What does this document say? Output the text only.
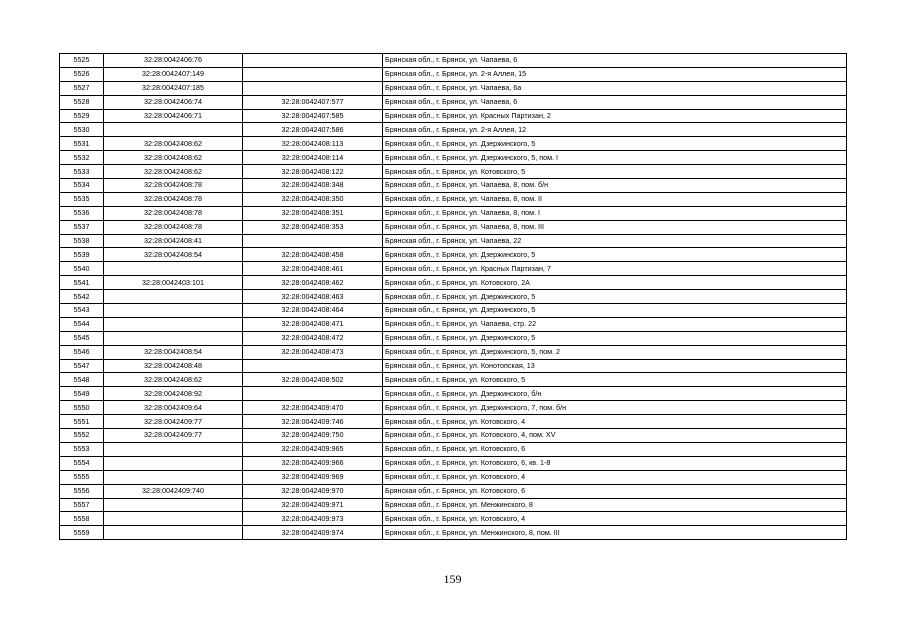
5525	32:28:0042406:76		Брянская обл., г. Брянск, ул. Чапаева, 6
5526	32:28:0042407:149		Брянская обл., г. Брянск, ул. 2-я Аллея, 15
5527	32:28:0042407:185		Брянская обл., г. Брянск, ул. Чапаева, 6а
5528	32:28:0042406:74	32:28:0042407:577	Брянская обл., г. Брянск, ул. Чапаева, 6
5529	32:28:0042406:71	32:28:0042407:585	Брянская обл., г. Брянск, ул. Красных Партизан, 2
5530		32:28:0042407:586	Брянская обл., г. Брянск, ул. 2-я Аллея, 12
5531	32:28:0042408:62	32:28:0042408:113	Брянская обл., г. Брянск, ул. Дзержинского, 5
5532	32:28:0042408:62	32:28:0042408:114	Брянская обл., г. Брянск, ул. Дзержинского, 5, пом. I
5533	32:28:0042408:62	32:28:0042408:122	Брянская обл., г. Брянск, ул. Котовского, 5
5534	32:28:0042408:78	32:28:0042408:348	Брянская обл., г. Брянск, ул. Чапаева, 8, пом. б/н
5535	32:28:0042408:78	32:28:0042408:350	Брянская обл., г. Брянск, ул. Чапаева, 8, пом. II
5536	32:28:0042408:78	32:28:0042408:351	Брянская обл., г. Брянск, ул. Чапаева, 8, пом. I
5537	32:28:0042408:78	32:28:0042408:353	Брянская обл., г. Брянск, ул. Чапаева, 8, пом. III
5538	32:28:0042408:41		Брянская обл., г. Брянск, ул. Чапаева, 22
5539	32:28:0042408:54	32:28:0042408:458	Брянская обл., г. Брянск, ул. Дзержинского, 5
5540		32:28:0042408:461	Брянская обл., г. Брянск, ул. Красных Партизан, 7
5541	32:28:0042403:101	32:28:0042408:462	Брянская обл., г. Брянск, ул. Котовского, 2А
5542		32:28:0042408:463	Брянская обл., г. Брянск, ул. Дзержинского, 5
5543		32:28:0042408:464	Брянская обл., г. Брянск, ул. Дзержинского, 5
5544		32:28:0042408:471	Брянская обл., г. Брянск, ул. Чапаева, стр. 22
5545		32:28:0042408:472	Брянская обл., г. Брянск, ул. Дзержинского, 5
5546	32:28:0042408:54	32:28:0042408:473	Брянская обл., г. Брянск, ул. Дзержинского, 5, пом. 2
5547	32:28:0042408:48		Брянская обл., г. Брянск, ул. Конотопская, 13
5548	32:28:0042408:62	32:28:0042408:502	Брянская обл., г. Брянск, ул. Котовского, 5
5549	32:28:0042408:92		Брянская обл., г. Брянск, ул. Дзержинского, б/н
5550	32:28:0042409:64	32:28:0042409:470	Брянская обл., г. Брянск, ул. Дзержинского, 7, пом. б/н
5551	32:28:0042409:77	32:28:0042409:746	Брянская обл., г. Брянск, ул. Котовского, 4
5552	32:28:0042409:77	32:28:0042409:750	Брянская обл., г. Брянск, ул. Котовского, 4, пом. XV
5553		32:28:0042409:965	Брянская обл., г. Брянск, ул. Котовского, 6
5554		32:28:0042409:966	Брянская обл., г. Брянск, ул. Котовского, 6, кв. 1-8
5555		32:28:0042409:969	Брянская обл., г. Брянск, ул. Котовского, 4
5556	32:28:0042409:740	32:28:0042409:970	Брянская обл., г. Брянск, ул. Котовского, 6
5557		32:28:0042409:971	Брянская обл., г. Брянск, ул. Менжинского, 8
5558		32:28:0042409:973	Брянская обл., г. Брянск, ул. Котовского, 4
5559		32:28:0042409:974	Брянская обл., г. Брянск, ул. Менжинского, 8, пом. III
159
